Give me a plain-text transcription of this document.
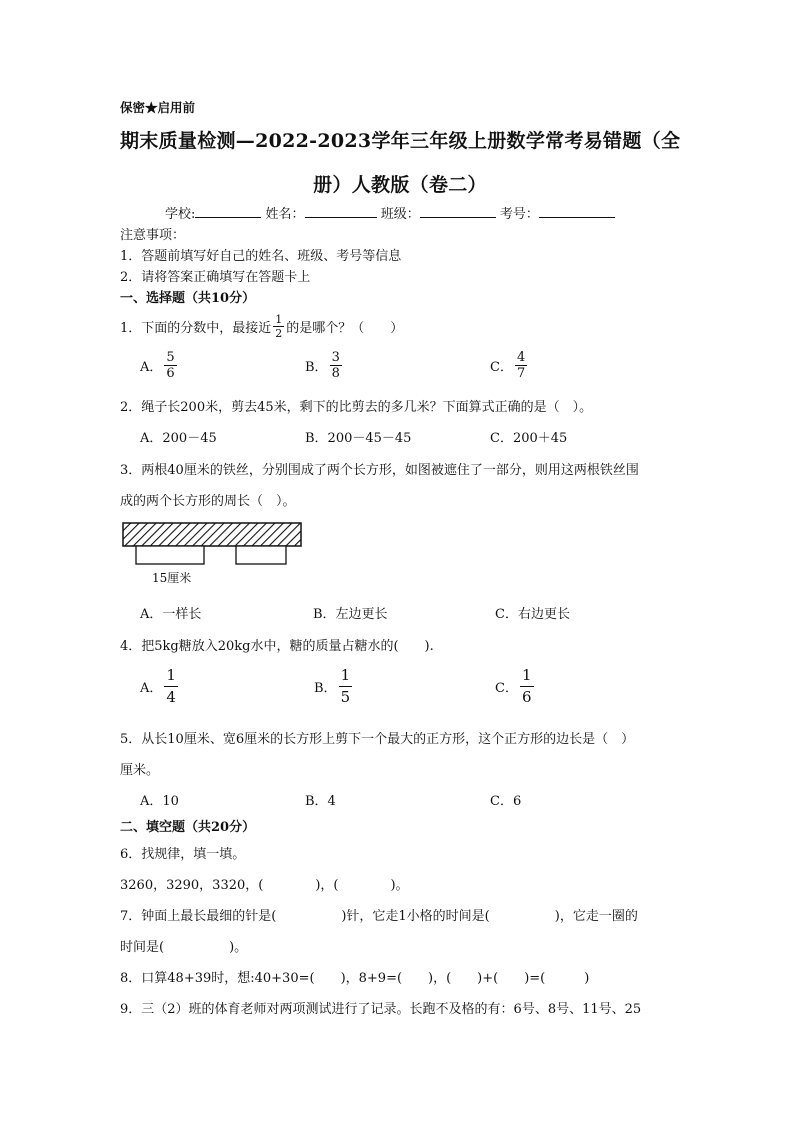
保密★启用前
期末质量检测—2022-2023学年三年级上册数学常考易错题（全
册）人教版（卷二）
学校:	姓名：	班级：	考号：
注意事项：
1．答题前填写好自己的姓名、班级、考号等信息
2．请将答案正确填写在答题卡上
一、选择题（共10分）
1．下面的分数中，最接近 $\frac{1}{2}$ 的是哪个？（　　）
A． $\frac{5}{6}$	B． $\frac{3}{8}$	C． $\frac{4}{7}$
2．绳子长200米，剪去45米，剩下的比剪去的多几米？下面算式正确的是（　）。
A．200－45	B．200－45－45	C．200＋45
3．两根40厘米的铁丝，分别围成了两个长方形，如图被遮住了一部分，则用这两根铁丝围
成的两个长方形的周长（　）。
15厘米
A．一样长	B．左边更长	C．右边更长
4．把5kg糖放入20kg水中，糖的质量占糖水的(　　).
A． $\frac{1}{4}$	B． $\frac{1}{5}$	C． $\frac{1}{6}$
5．从长10厘米、宽6厘米的长方形上剪下一个最大的正方形，这个正方形的边长是（　）
厘米。
A．10	B．4	C．6
二、填空题（共20分）
6．找规律，填一填。
3260，3290，3320，(　　　　)，(　　　　)。
7．钟面上最长最细的针是(　　　　　)针，它走1小格的时间是(　　　　　)，它走一圈的
时间是(　　　　　)。
8．口算48+39时，想:40+30=(　　)，8+9=(　　)，(　　)+(　　)=(　　　)
9．三（2）班的体育老师对两项测试进行了记录。长跑不及格的有：6号、8号、11号、25
